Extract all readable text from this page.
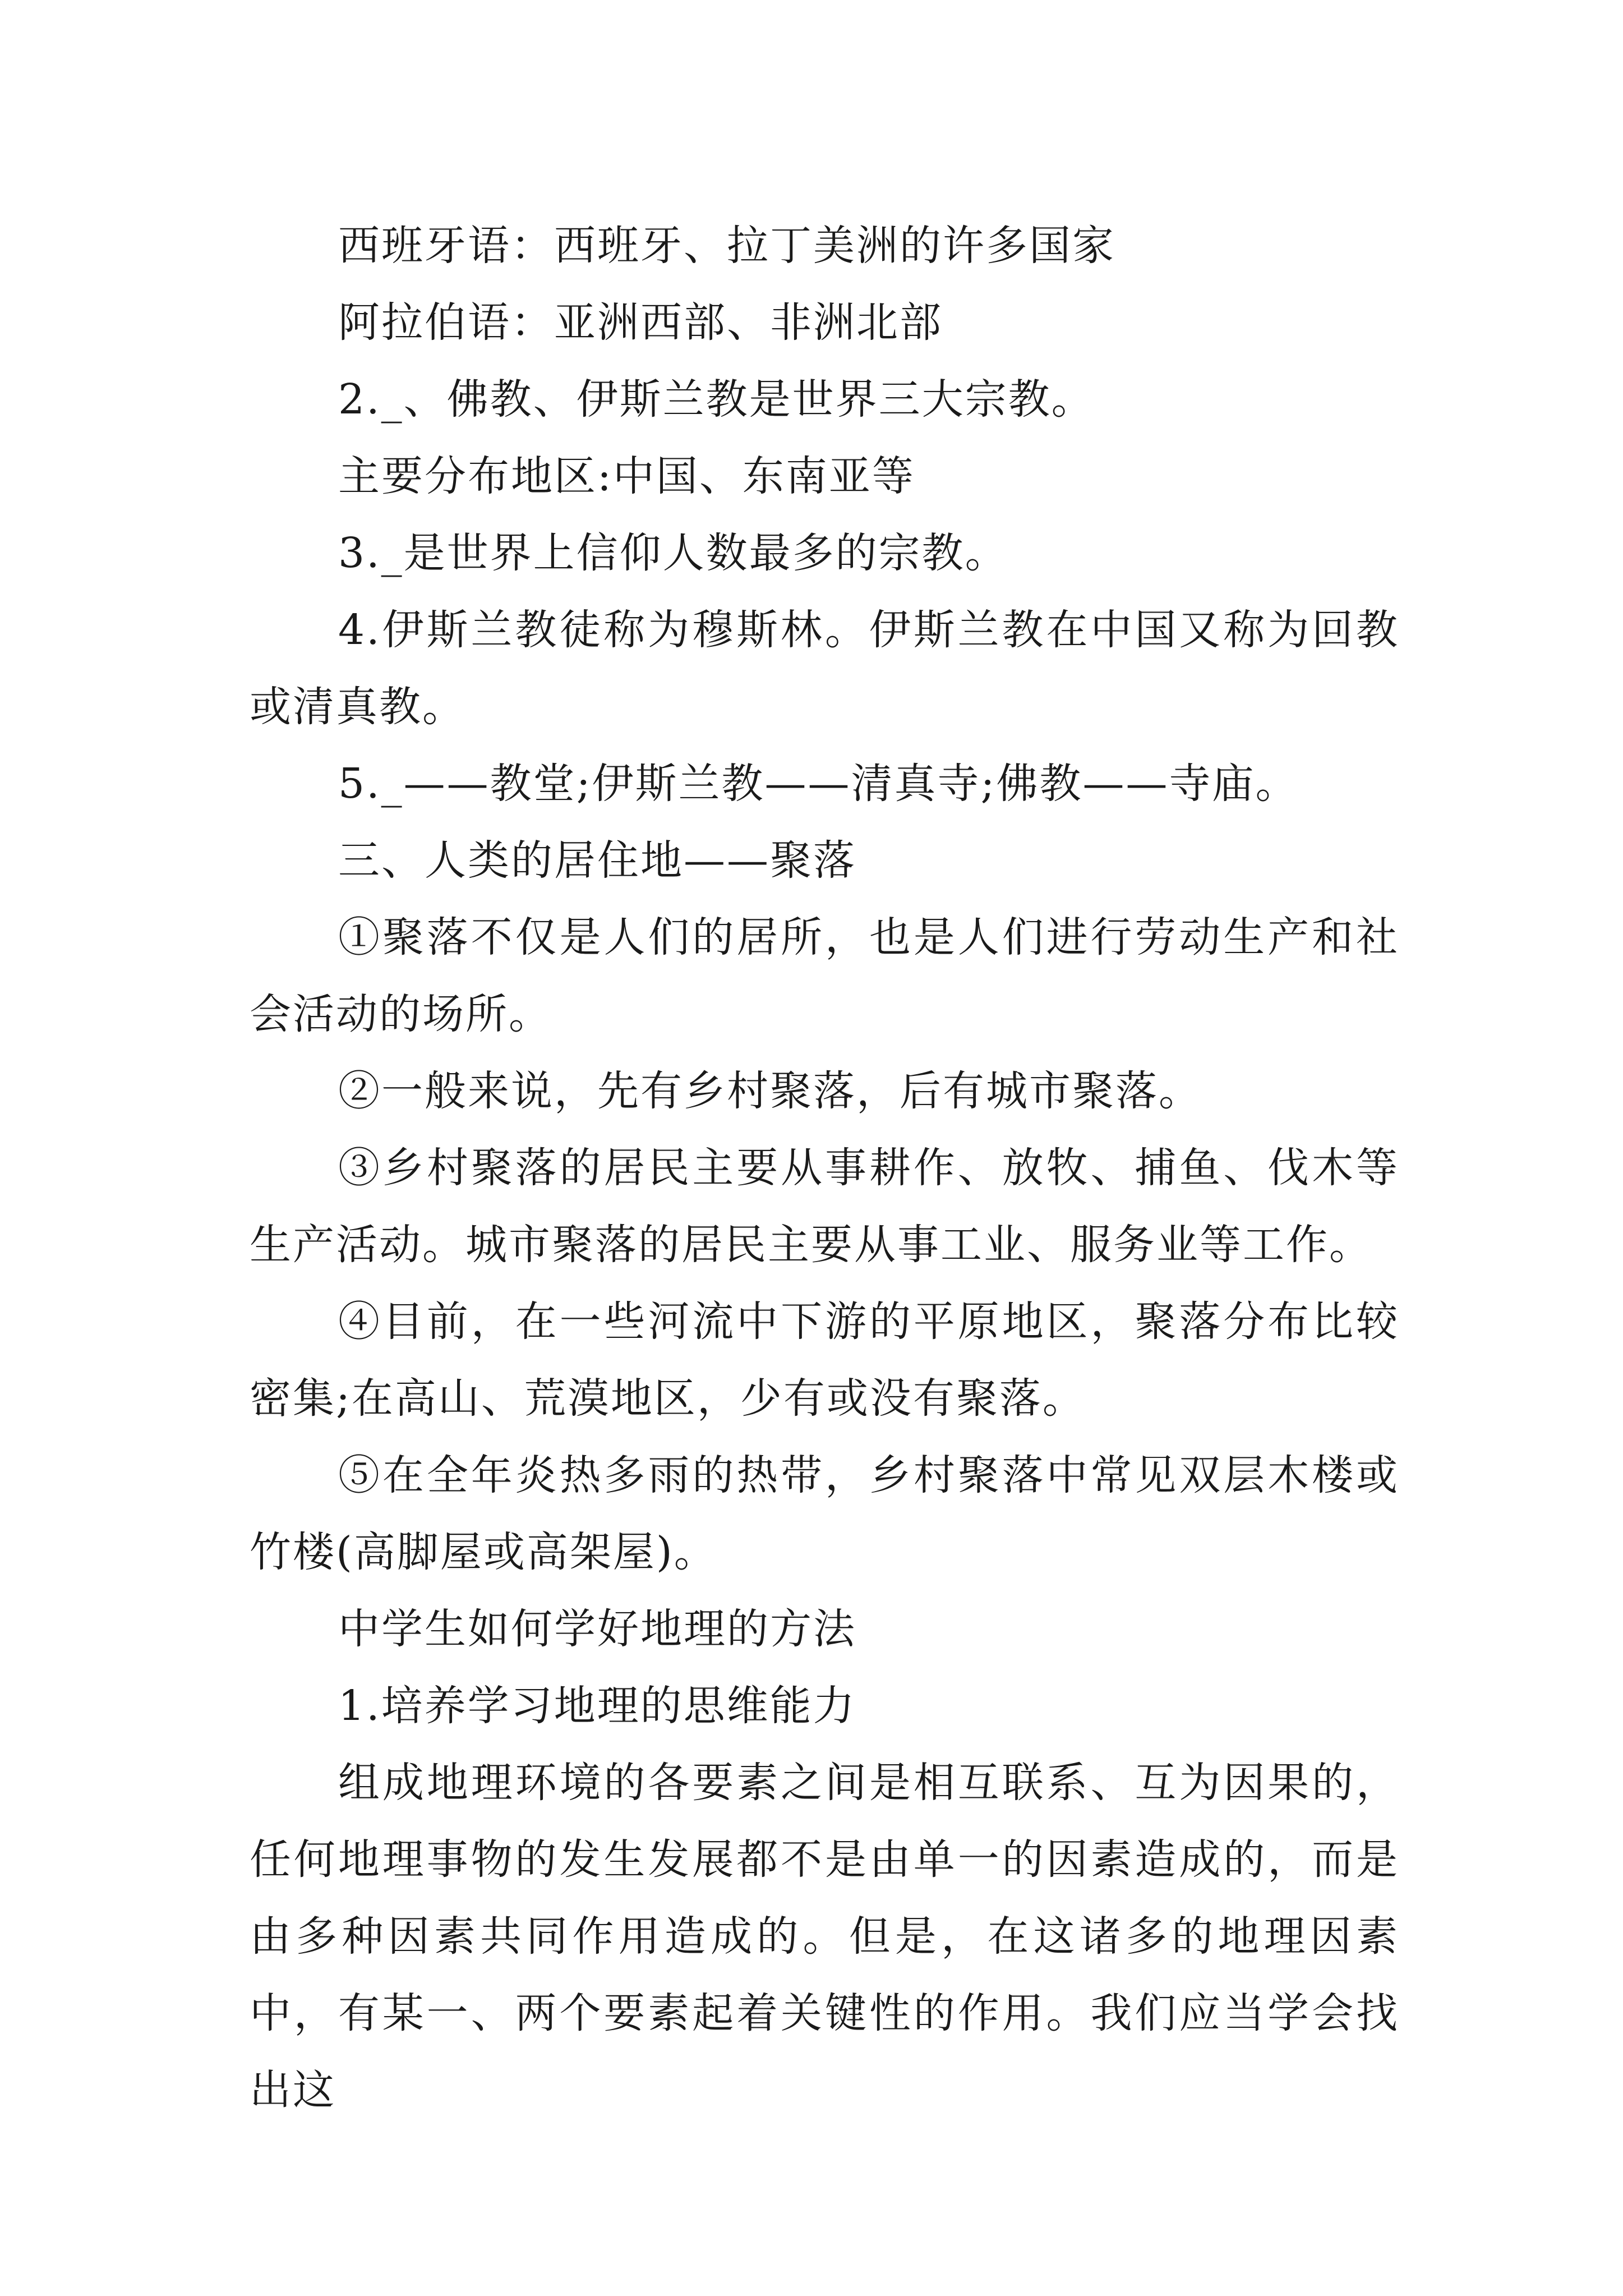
西班牙语：西班牙、拉丁美洲的许多国家

阿拉伯语：亚洲西部、非洲北部

2._、佛教、伊斯兰教是世界三大宗教。

主要分布地区:中国、东南亚等

3._是世界上信仰人数最多的宗教。

4.伊斯兰教徒称为穆斯林。伊斯兰教在中国又称为回教或清真教。

5._——教堂;伊斯兰教——清真寺;佛教——寺庙。

三、人类的居住地——聚落

①聚落不仅是人们的居所，也是人们进行劳动生产和社会活动的场所。

②一般来说，先有乡村聚落，后有城市聚落。

③乡村聚落的居民主要从事耕作、放牧、捕鱼、伐木等生产活动。城市聚落的居民主要从事工业、服务业等工作。

④目前，在一些河流中下游的平原地区，聚落分布比较密集;在高山、荒漠地区，少有或没有聚落。

⑤在全年炎热多雨的热带，乡村聚落中常见双层木楼或竹楼(高脚屋或高架屋)。

中学生如何学好地理的方法

1.培养学习地理的思维能力

组成地理环境的各要素之间是相互联系、互为因果的，任何地理事物的发生发展都不是由单一的因素造成的，而是由多种因素共同作用造成的。但是，在这诸多的地理因素中，有某一、两个要素起着关键性的作用。我们应当学会找出这
